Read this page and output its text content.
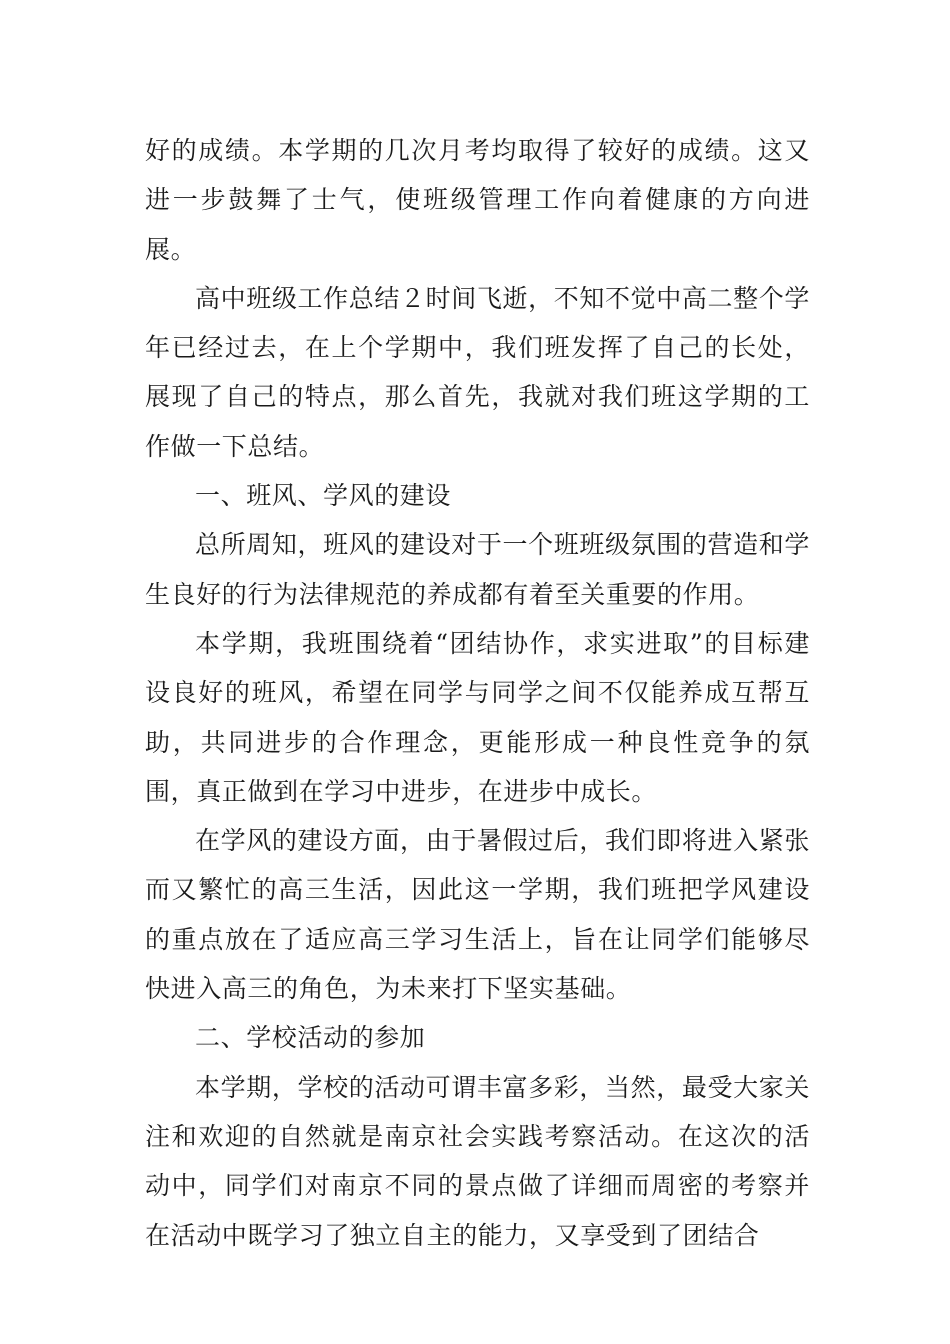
好的成绩。本学期的几次月考均取得了较好的成绩。这又进一步鼓舞了士气，使班级管理工作向着健康的方向进展。

高中班级工作总结２时间飞逝，不知不觉中高二整个学年已经过去，在上个学期中，我们班发挥了自己的长处，展现了自己的特点，那么首先，我就对我们班这学期的工作做一下总结。

一、班风、学风的建设

总所周知，班风的建设对于一个班班级氛围的营造和学生良好的行为法律规范的养成都有着至关重要的作用。

本学期，我班围绕着“团结协作，求实进取”的目标建设良好的班风，希望在同学与同学之间不仅能养成互帮互助，共同进步的合作理念，更能形成一种良性竞争的氛围，真正做到在学习中进步，在进步中成长。

在学风的建设方面，由于暑假过后，我们即将进入紧张而又繁忙的高三生活，因此这一学期，我们班把学风建设的重点放在了适应高三学习生活上，旨在让同学们能够尽快进入高三的角色，为未来打下坚实基础。

二、学校活动的参加

本学期，学校的活动可谓丰富多彩，当然，最受大家关注和欢迎的自然就是南京社会实践考察活动。在这次的活动中，同学们对南京不同的景点做了详细而周密的考察并在活动中既学习了独立自主的能力，又享受到了团结合
